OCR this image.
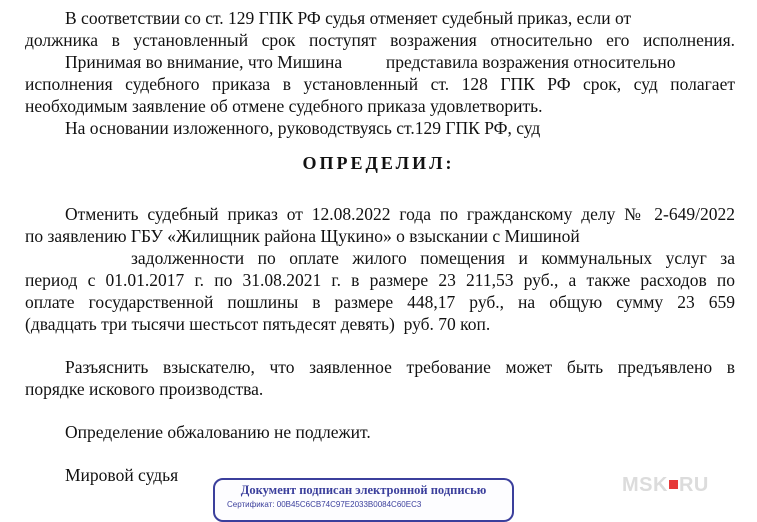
В соответствии со ст. 129 ГПК РФ судья отменяет судебный приказ, если от
должника в установленный срок поступят возражения относительно его исполнения.
Принимая во внимание, что Мишина          представила возражения относительно
исполнения судебного приказа в установленный ст. 128 ГПК РФ срок, суд полагает
необходимым заявление об отмене судебного приказа удовлетворить.
На основании изложенного, руководствуясь ст.129 ГПК РФ, суд
ОПРЕДЕЛИЛ:
Отменить судебный приказ от 12.08.2022 года по гражданскому делу № 2-649/2022
по заявлению ГБУ «Жилищник района Щукино» о взыскании с Мишиной
задолженности по оплате жилого помещения и коммунальных услуг за
период с 01.01.2017 г. по 31.08.2021 г. в размере 23 211,53 руб., а также расходов по
оплате государственной пошлины в размере 448,17 руб., на общую сумму 23 659
(двадцать три тысячи шестьсот пятьдесят девять)  руб. 70 коп.
Разъяснить взыскателю, что заявленное требование может быть предъявлено в
порядке искового производства.
Определение обжалованию не подлежит.
Мировой судья
Документ подписан электронной подписью
Сертификат: 00В45С6СВ74С97Е2033В0084С60ЕС3
MSK RU
